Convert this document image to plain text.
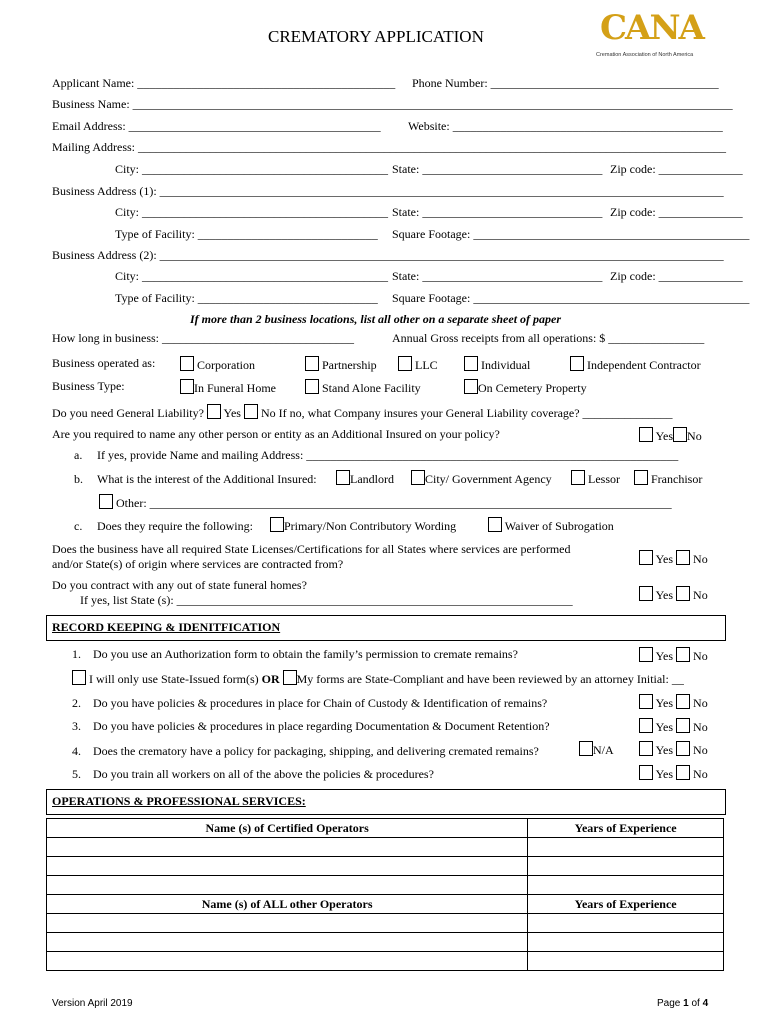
CREMATORY APPLICATION	CANA
Cremation Association of North America
Applicant Name: ___________________________________________ Phone Number: ______________________________________
Business Name: ____________________________________________________________________________________________________
Email Address: __________________________________________ Website: _____________________________________________
Mailing Address: __________________________________________________________________________________________________
City: _________________________________________ State: ______________________________ Zip code: ______________
Business Address (1): ______________________________________________________________________________________________
City: _________________________________________ State: ______________________________ Zip code: ______________
Type of Facility: ______________________________ Square Footage: ______________________________________________
Business Address (2): ______________________________________________________________________________________________
City: _________________________________________ State: ______________________________ Zip code: ______________
Type of Facility: ______________________________ Square Footage: ______________________________________________
If more than 2 business locations, list all other on a separate sheet of paper
How long in business: ________________________________	Annual Gross receipts from all operations: $ ________________
Business operated as:	Corporation	Partnership	LLC	Individual	Independent Contractor
Business Type:	In Funeral Home	Stand Alone Facility	On Cemetery Property
Do you need General Liability? Yes No If no, what Company insures your General Liability coverage? _______________
Are you required to name any other person or entity as an Additional Insured on your policy?	Yes No
a. If yes, provide Name and mailing Address: ______________________________________________________________
b. What is the interest of the Additional Insured:	Landlord	City/ Government Agency	Lessor	Franchisor
Other: _______________________________________________________________________________________
c. Does they require the following:	Primary/Non Contributory Wording	Waiver of Subrogation
Does the business have all required State Licenses/Certifications for all States where services are performed
and/or State(s) of origin where services are contracted from?	Yes No
Do you contract with any out of state funeral homes?
If yes, list State (s): __________________________________________________________________	Yes No
RECORD KEEPING & IDENITFICATION
1. Do you use an Authorization form to obtain the family’s permission to cremate remains?	Yes No
I will only use State-Issued form(s) OR My forms are State-Compliant and have been reviewed by an attorney Initial: __
2. Do you have policies & procedures in place for Chain of Custody & Identification of remains?	Yes No
3. Do you have policies & procedures in place regarding Documentation & Document Retention?	Yes No
4. Does the crematory have a policy for packaging, shipping, and delivering cremated remains?	N/A	Yes No
5. Do you train all workers on all of the above the policies & procedures?	Yes No
OPERATIONS & PROFESSIONAL SERVICES:
Name (s) of Certified Operators	Years of Experience

Name (s) of ALL other Operators	Years of Experience

Version April 2019	Page 1 of 4
